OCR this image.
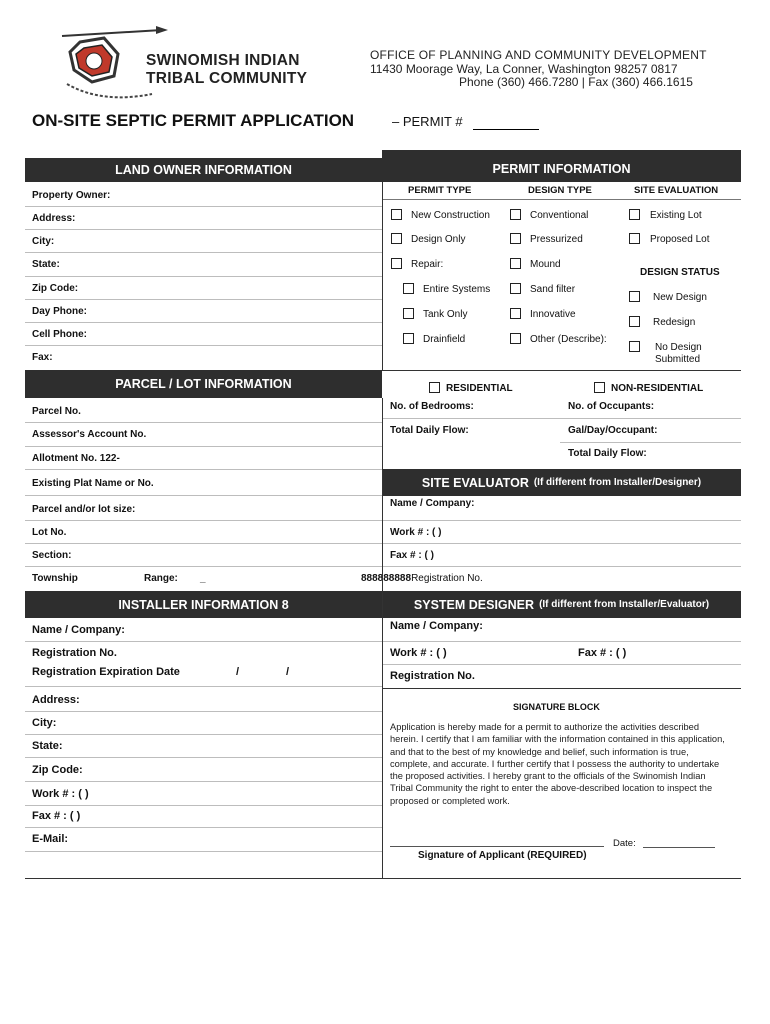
SWINOMISH INDIAN
TRIBAL COMMUNITY
OFFICE OF PLANNING AND COMMUNITY DEVELOPMENT
11430 Moorage Way, La Conner, Washington 98257 0817
Phone (360) 466.7280 | Fax (360) 466.1615
ON-SITE SEPTIC PERMIT APPLICATION	– PERMIT #
LAND OWNER INFORMATION	PERMIT INFORMATION
Property Owner:
Address:
City:
State:
Zip Code:
Day Phone:
Cell Phone:
Fax:
PERMIT TYPE	DESIGN TYPE	SITE EVALUATION
New Construction
Design Only
Repair:
Entire Systems
Tank Only
Drainfield
Conventional
Pressurized
Mound
Sand filter
Innovative
Other (Describe):
Existing Lot
Proposed Lot
DESIGN STATUS
New Design
Redesign
No Design
Submitted
PARCEL / LOT INFORMATION
Parcel No.
Assessor's Account No.
Allotment No. 122-
Existing Plat Name or No.
Parcel and/or lot size:
Lot No.
Section:
Township	Range: _
RESIDENTIAL	NON-RESIDENTIAL
No. of Bedrooms:	No. of Occupants:
Total Daily Flow:	Gal/Day/Occupant:
Total Daily Flow:
SITE EVALUATOR (If different from Installer/Designer)
Name / Company:
Work # : ( )
Fax # : ( )
888888888Registration No.
INSTALLER INFORMATION 8	SYSTEM DESIGNER (If different from Installer/Evaluator)
Name / Company:
Registration No.
Registration Expiration Date	/	/
Address:
City:
State:
Zip Code:
Work # : ( )
Fax # : ( )
E-Mail:
Name / Company:
Work # : ( )	Fax # : ( )
Registration No.
SIGNATURE BLOCK
Application is hereby made for a permit to authorize the activities described herein. I certify that I am familiar with the information contained in this application, and that to the best of my knowledge and belief, such information is true, complete, and accurate. I further certify that I possess the authority to undertake the proposed activities. I hereby grant to the officials of the Swinomish Indian Tribal Community the right to enter the above-described location to inspect the proposed or completed work.
Date:
Signature of Applicant (REQUIRED)
